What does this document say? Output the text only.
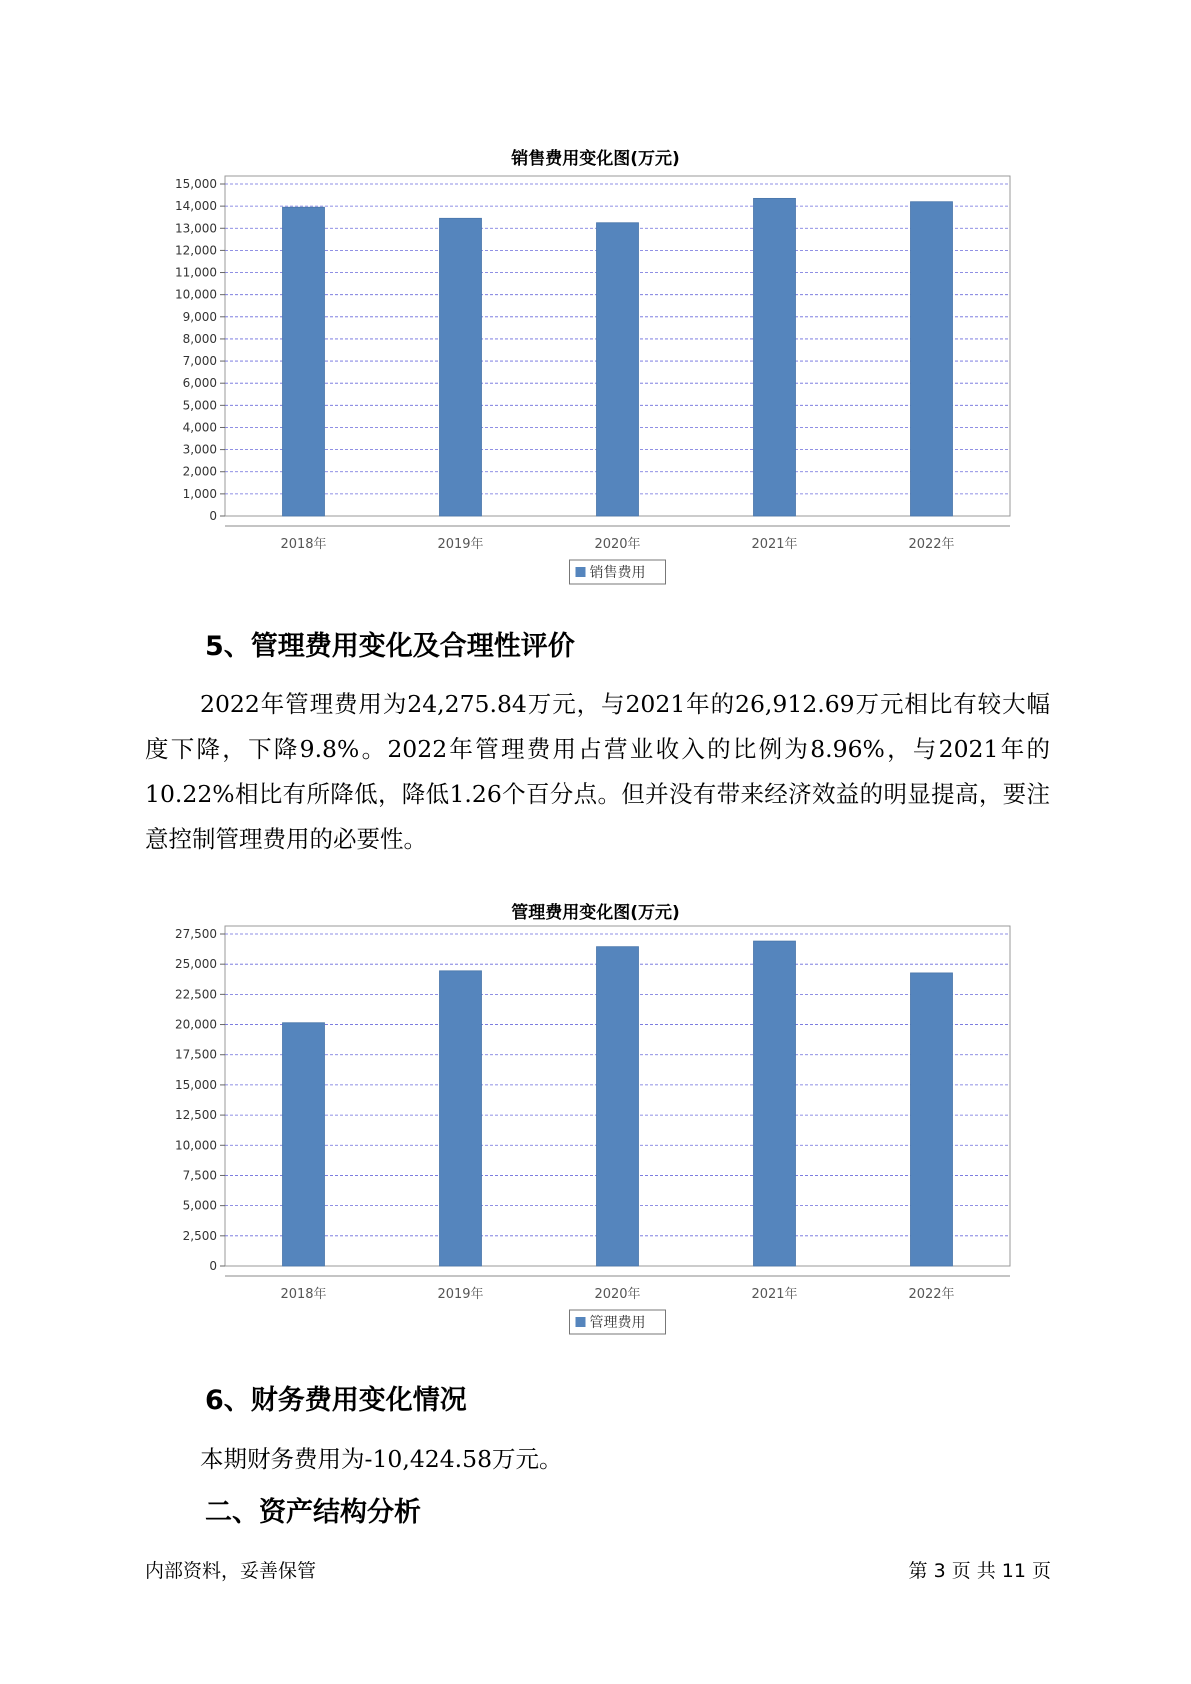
销售费用变化图(万元)
0
1,000
2,000
3,000
4,000
5,000
6,000
7,000
8,000
9,000
10,000
11,000
12,000
13,000
14,000
15,000
2018年	2019年	2020年	2021年	2022年
销售费用
5、管理费用变化及合理性评价

2022年管理费用为24,275.84万元，与2021年的26,912.69万元相比有较大幅度下降，下降9.8%。2022年管理费用占营业收入的比例为8.96%，与2021年的10.22%相比有所降低，降低1.26个百分点。但并没有带来经济效益的明显提高，要注意控制管理费用的必要性。

管理费用变化图(万元)
0
2,500
5,000
7,500
10,000
12,500
15,000
17,500
20,000
22,500
25,000
27,500
2018年	2019年	2020年	2021年	2022年
管理费用
6、财务费用变化情况
本期财务费用为-10,424.58万元。
二、资产结构分析
内部资料，妥善保管	第 3 页 共 11 页
